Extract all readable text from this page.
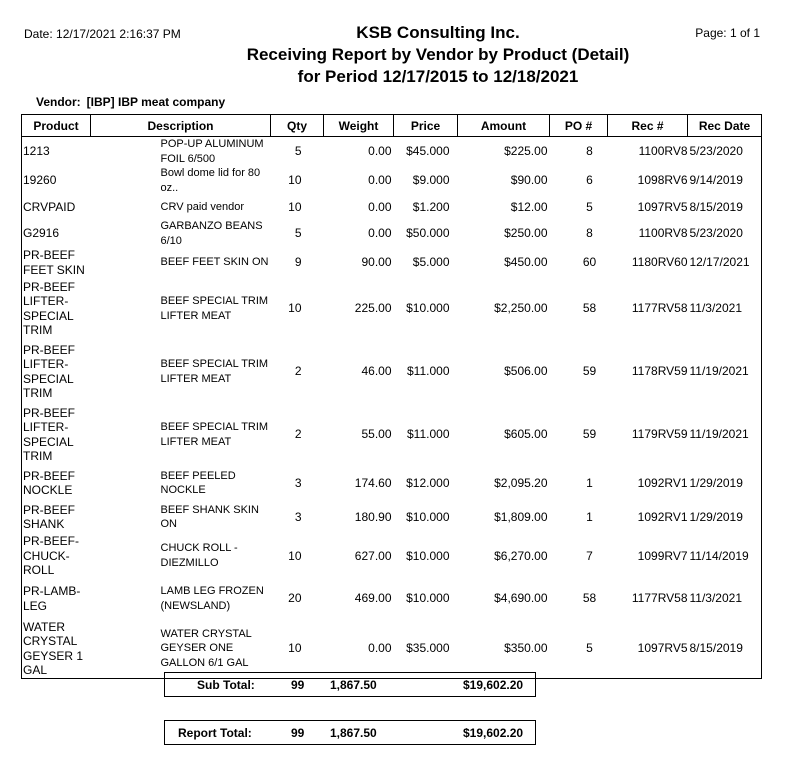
Date: 12/17/2021 2:16:37 PM	Page: 1 of 1
KSB Consulting Inc.
Receiving Report by Vendor by Product (Detail)
for Period 12/17/2015 to 12/18/2021
Vendor: [IBP] IBP meat company
Product	Description	Qty	Weight	Price	Amount	PO #	Rec #	Rec Date
1213	POP-UP ALUMINUM FOIL 6/500	5	0.00	$45.000	$225.00	8	1100RV8	5/23/2020
19260	Bowl dome lid for 80 oz..	10	0.00	$9.000	$90.00	6	1098RV6	9/14/2019
CRVPAID	CRV paid vendor	10	0.00	$1.200	$12.00	5	1097RV5	8/15/2019
G2916	GARBANZO BEANS 6/10	5	0.00	$50.000	$250.00	8	1100RV8	5/23/2020
PR-BEEF FEET SKIN	BEEF FEET SKIN ON	9	90.00	$5.000	$450.00	60	1180RV60	12/17/2021
PR-BEEF LIFTER-SPECIAL TRIM	BEEF SPECIAL TRIM LIFTER MEAT	10	225.00	$10.000	$2,250.00	58	1177RV58	11/3/2021
PR-BEEF LIFTER-SPECIAL TRIM	BEEF SPECIAL TRIM LIFTER MEAT	2	46.00	$11.000	$506.00	59	1178RV59	11/19/2021
PR-BEEF LIFTER-SPECIAL TRIM	BEEF SPECIAL TRIM LIFTER MEAT	2	55.00	$11.000	$605.00	59	1179RV59	11/19/2021
PR-BEEF NOCKLE	BEEF PEELED NOCKLE	3	174.60	$12.000	$2,095.20	1	1092RV1	1/29/2019
PR-BEEF SHANK	BEEF SHANK SKIN ON	3	180.90	$10.000	$1,809.00	1	1092RV1	1/29/2019
PR-BEEF-CHUCK-ROLL	CHUCK ROLL -DIEZMILLO	10	627.00	$10.000	$6,270.00	7	1099RV7	11/14/2019
PR-LAMB-LEG	LAMB LEG FROZEN (NEWSLAND)	20	469.00	$10.000	$4,690.00	58	1177RV58	11/3/2021
WATER CRYSTAL GEYSER 1 GAL	WATER CRYSTAL GEYSER ONE GALLON 6/1 GAL	10	0.00	$35.000	$350.00	5	1097RV5	8/15/2019
Sub Total:	99 1,867.50	$19,602.20
Report Total:	99 1,867.50	$19,602.20
